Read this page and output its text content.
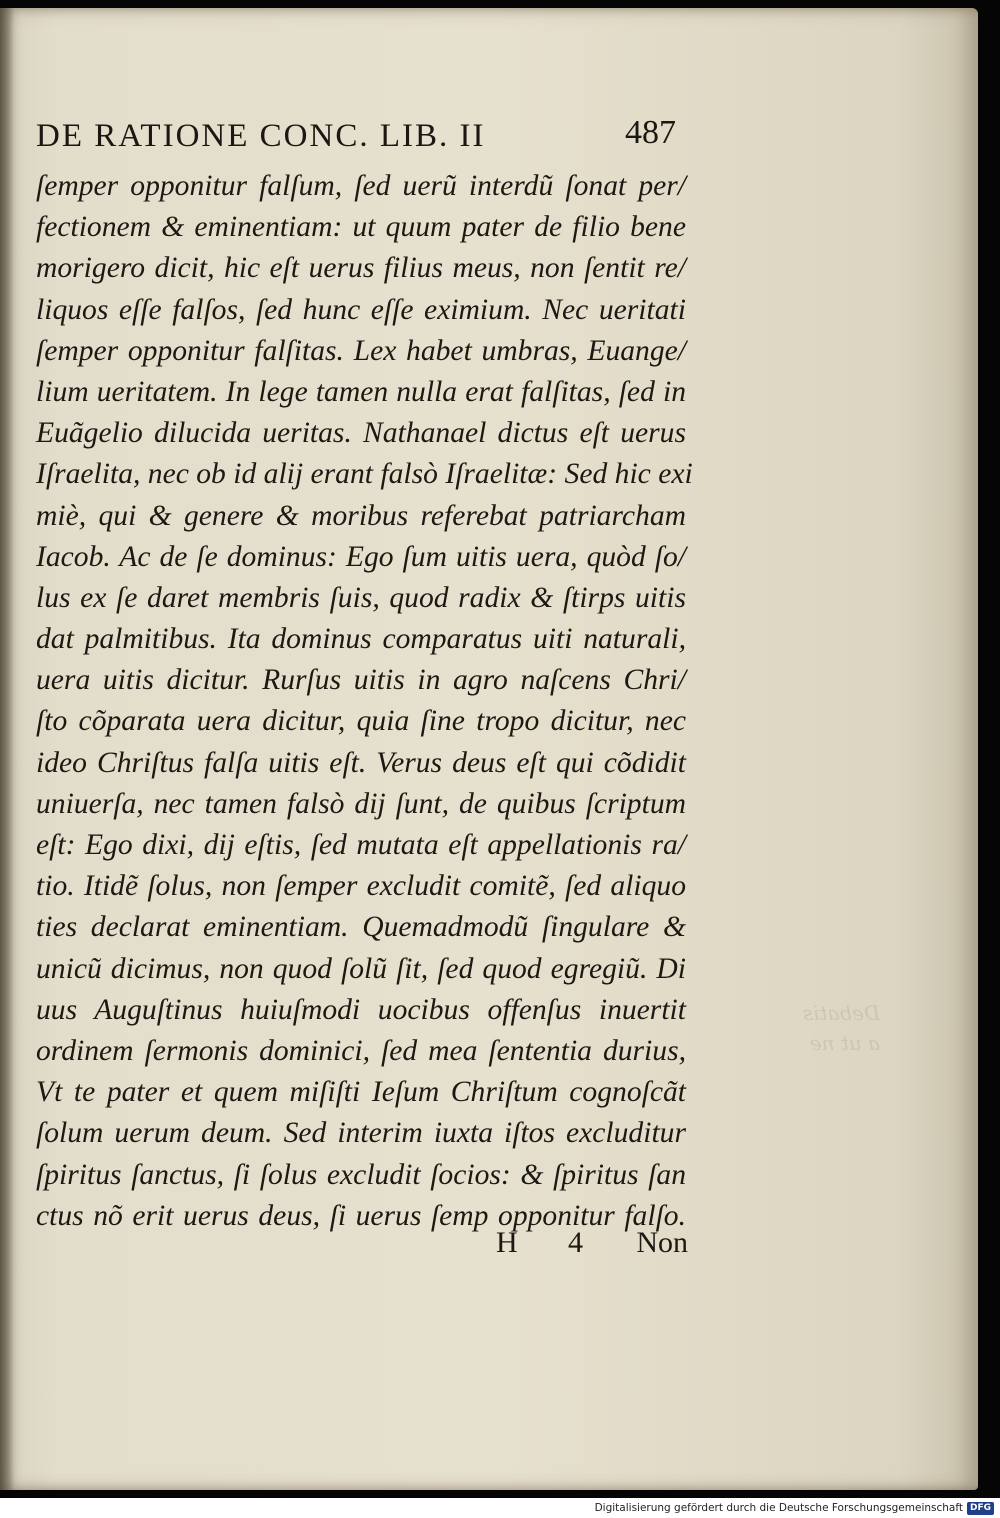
Debatis
a ut ne
DE RATIONE CONC. LIB. II	487
ſemper opponitur falſum, ſed uerũ interdũ ſonat per/
fectionem & eminentiam: ut quum pater de filio bene
morigero dicit, hic eſt uerus filius meus, non ſentit re/
liquos eſſe falſos, ſed hunc eſſe eximium. Nec ueritati
ſemper opponitur falſitas. Lex habet umbras, Euange/
lium ueritatem. In lege tamen nulla erat falſitas, ſed in
Euãgelio dilucida ueritas. Nathanael dictus eſt uerus
Iſraelita, nec ob id alij erant falsò Iſraelitæ: Sed hic exi
miè, qui & genere & moribus referebat patriarcham
Iacob. Ac de ſe dominus: Ego ſum uitis uera, quòd ſo/
lus ex ſe daret membris ſuis, quod radix & ſtirps uitis
dat palmitibus. Ita dominus comparatus uiti naturali,
uera uitis dicitur. Rurſus uitis in agro naſcens Chri/
ſto cõparata uera dicitur, quia ſine tropo dicitur, nec
ideo Chriſtus falſa uitis eſt. Verus deus eſt qui cõdidit
uniuerſa, nec tamen falsò dij ſunt, de quibus ſcriptum
eſt: Ego dixi, dij eſtis, ſed mutata eſt appellationis ra/
tio. Itidẽ ſolus, non ſemper excludit comitẽ, ſed aliquo
ties declarat eminentiam. Quemadmodũ ſingulare &
unicũ dicimus, non quod ſolũ ſit, ſed quod egregiũ. Di
uus Auguſtinus huiuſmodi uocibus offenſus inuertit
ordinem ſermonis dominici, ſed mea ſententia durius,
Vt te pater et quem miſiſti Ieſum Chriſtum cognoſcãt
ſolum uerum deum. Sed interim iuxta iſtos excluditur
ſpiritus ſanctus, ſi ſolus excludit ſocios: & ſpiritus ſan
ctus nõ erit uerus deus, ſi uerus ſemp opponitur falſo.
H 4 Non
Digitalisierung gefördert durch die Deutsche Forschungsgemeinschaft DFG
